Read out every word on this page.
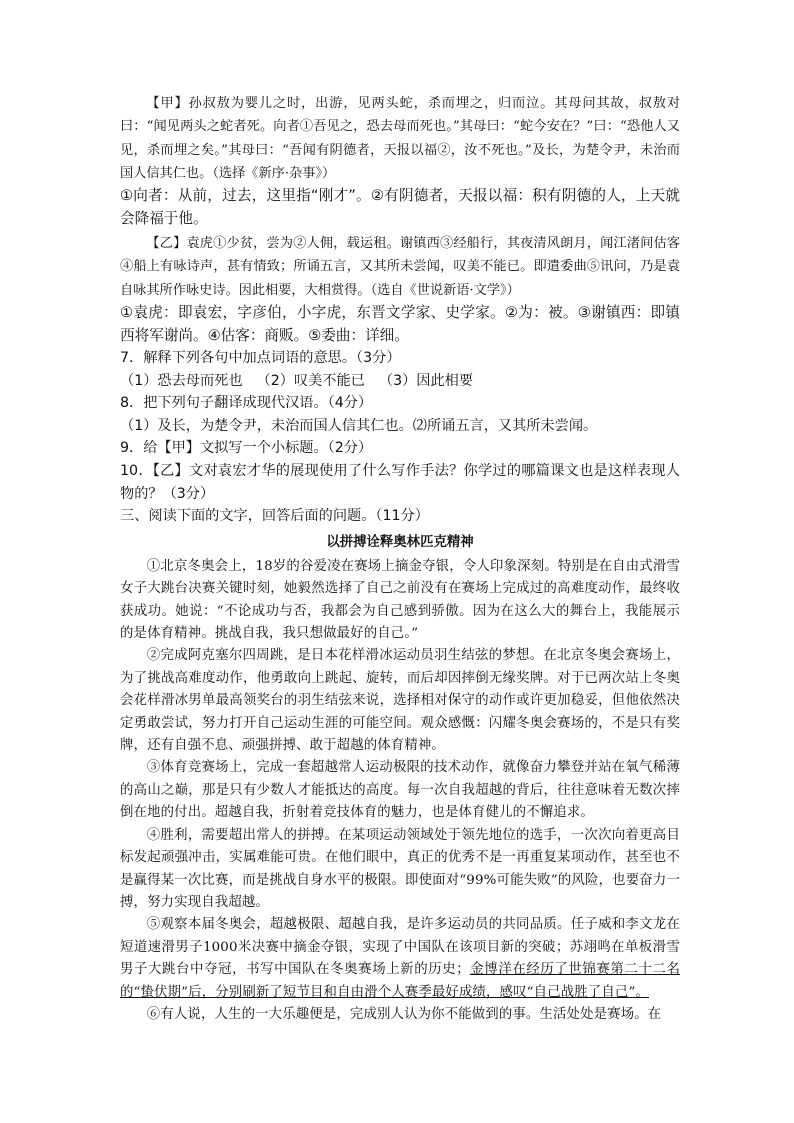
【甲】孙叔敖为婴儿之时，出游，见两头蛇，杀而埋之，归而泣。其母问其故，叔敖对曰：“闻见两头之蛇者死。向者①吾见之，恐去母而死也。”其母曰：“蛇今安在？”曰：“恐他人又见，杀而埋之矣。”其母曰：“吾闻有阴德者，天报以福②，汝不死也。”及长，为楚令尹，未治而国人信其仁也。（选择《新序·杂事》）

①向者：从前，过去，这里指“刚才”。②有阴德者，天报以福：积有阴德的人，上天就会降福于他。

【乙】袁虎①少贫，尝为②人佣，载运租。谢镇西③经船行，其夜清风朗月，闻江渚间估客④船上有咏诗声，甚有情致；所诵五言，又其所未尝闻，叹美不能已。即遣委曲⑤讯问，乃是袁自咏其所作咏史诗。因此相要，大相赏得。（选自《世说新语·文学》）

①袁虎：即袁宏，字彦伯，小字虎，东晋文学家、史学家。②为：被。③谢镇西：即镇西将军谢尚。④估客：商贩。⑤委曲：详细。

7．解释下列各句中加点词语的意思。（3分）

（1）恐去母而死也 （2）叹美不能已 （3）因此相要

8．把下列句子翻译成现代汉语。（4分）

（1）及长，为楚令尹，未治而国人信其仁也。⑵所诵五言，又其所未尝闻。

9．给【甲】文拟写一个小标题。（2分）

10．【乙】文对袁宏才华的展现使用了什么写作手法？你学过的哪篇课文也是这样表现人物的？（3分）

三、阅读下面的文字，回答后面的问题。（11分）

以拼搏诠释奥林匹克精神

①北京冬奥会上，18岁的谷爱凌在赛场上摘金夺银，令人印象深刻。特别是在自由式滑雪女子大跳台决赛关键时刻，她毅然选择了自己之前没有在赛场上完成过的高难度动作，最终收获成功。她说：“不论成功与否，我都会为自己感到骄傲。因为在这么大的舞台上，我能展示的是体育精神。挑战自我，我只想做最好的自己。”

②完成阿克塞尔四周跳，是日本花样滑冰运动员羽生结弦的梦想。在北京冬奥会赛场上，为了挑战高难度动作，他勇敢向上跳起、旋转，而后却因摔倒无缘奖牌。对于已两次站上冬奥会花样滑冰男单最高领奖台的羽生结弦来说，选择相对保守的动作或许更加稳妥，但他依然决定勇敢尝试，努力打开自己运动生涯的可能空间。观众感慨：闪耀冬奥会赛场的，不是只有奖牌，还有自强不息、顽强拼搏、敢于超越的体育精神。

③体育竞赛场上，完成一套超越常人运动极限的技术动作，就像奋力攀登并站在氧气稀薄的高山之巅，那是只有少数人才能抵达的高度。每一次自我超越的背后，往往意味着无数次摔倒在地的付出。超越自我，折射着竞技体育的魅力，也是体育健儿的不懈追求。

④胜利，需要超出常人的拼搏。在某项运动领域处于领先地位的选手，一次次向着更高目标发起顽强冲击，实属难能可贵。在他们眼中，真正的优秀不是一再重复某项动作，甚至也不是赢得某一次比赛，而是挑战自身水平的极限。即使面对“99%可能失败”的风险，也要奋力一搏，努力实现自我超越。

⑤观察本届冬奥会，超越极限、超越自我，是许多运动员的共同品质。任子威和李文龙在短道速滑男子1000米决赛中摘金夺银，实现了中国队在该项目新的突破；苏翊鸣在单板滑雪男子大跳台中夺冠，书写中国队在冬奥赛场上新的历史；金博洋在经历了世锦赛第二十二名的“蛰伏期”后，分别刷新了短节目和自由滑个人赛季最好成绩，感叹“自己战胜了自己”。

⑥有人说，人生的一大乐趣便是，完成别人认为你不能做到的事。生活处处是赛场。在
